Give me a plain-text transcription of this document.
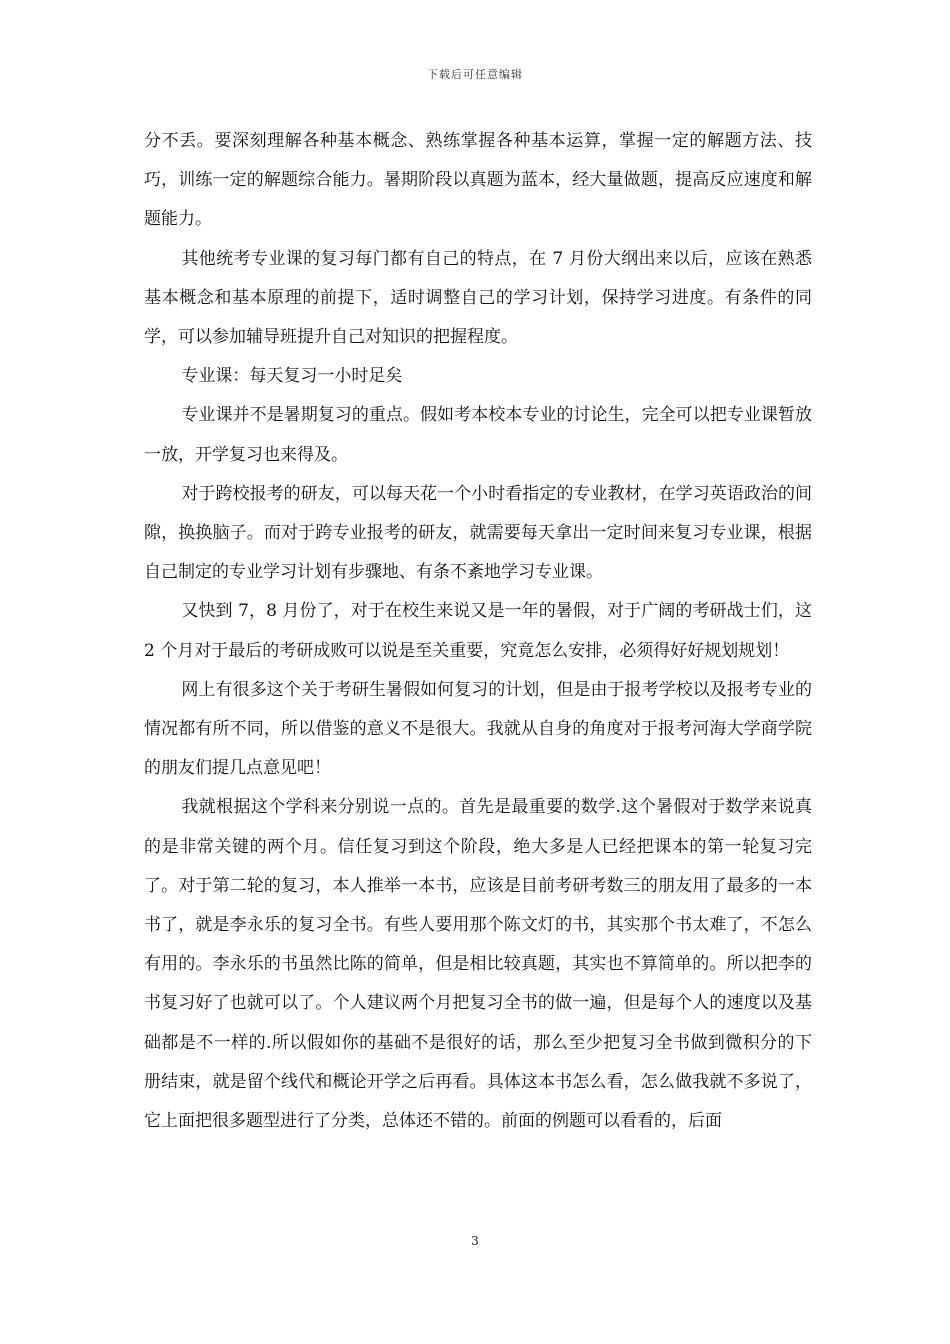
下载后可任意编辑

分不丢。要深刻理解各种基本概念、熟练掌握各种基本运算，掌握一定的解题方法、技巧，训练一定的解题综合能力。暑期阶段以真题为蓝本，经大量做题，提高反应速度和解题能力。

其他统考专业课的复习每门都有自己的特点，在 7 月份大纲出来以后，应该在熟悉基本概念和基本原理的前提下，适时调整自己的学习计划，保持学习进度。有条件的同学，可以参加辅导班提升自己对知识的把握程度。

专业课：每天复习一小时足矣

专业课并不是暑期复习的重点。假如考本校本专业的讨论生，完全可以把专业课暂放一放，开学复习也来得及。

对于跨校报考的研友，可以每天花一个小时看指定的专业教材，在学习英语政治的间隙，换换脑子。而对于跨专业报考的研友，就需要每天拿出一定时间来复习专业课，根据自己制定的专业学习计划有步骤地、有条不紊地学习专业课。

又快到 7，8 月份了，对于在校生来说又是一年的暑假，对于广阔的考研战士们，这 2 个月对于最后的考研成败可以说是至关重要，究竟怎么安排，必须得好好规划规划！

网上有很多这个关于考研生暑假如何复习的计划，但是由于报考学校以及报考专业的情况都有所不同，所以借鉴的意义不是很大。我就从自身的角度对于报考河海大学商学院的朋友们提几点意见吧！

我就根据这个学科来分别说一点的。首先是最重要的数学.这个暑假对于数学来说真的是非常关键的两个月。信任复习到这个阶段，绝大多是人已经把课本的第一轮复习完了。对于第二轮的复习，本人推举一本书，应该是目前考研考数三的朋友用了最多的一本书了，就是李永乐的复习全书。有些人要用那个陈文灯的书，其实那个书太难了，不怎么有用的。李永乐的书虽然比陈的简单，但是相比较真题，其实也不算简单的。所以把李的书复习好了也就可以了。个人建议两个月把复习全书的做一遍，但是每个人的速度以及基础都是不一样的.所以假如你的基础不是很好的话，那么至少把复习全书做到微积分的下册结束，就是留个线代和概论开学之后再看。具体这本书怎么看，怎么做我就不多说了，它上面把很多题型进行了分类，总体还不错的。前面的例题可以看看的，后面

3
